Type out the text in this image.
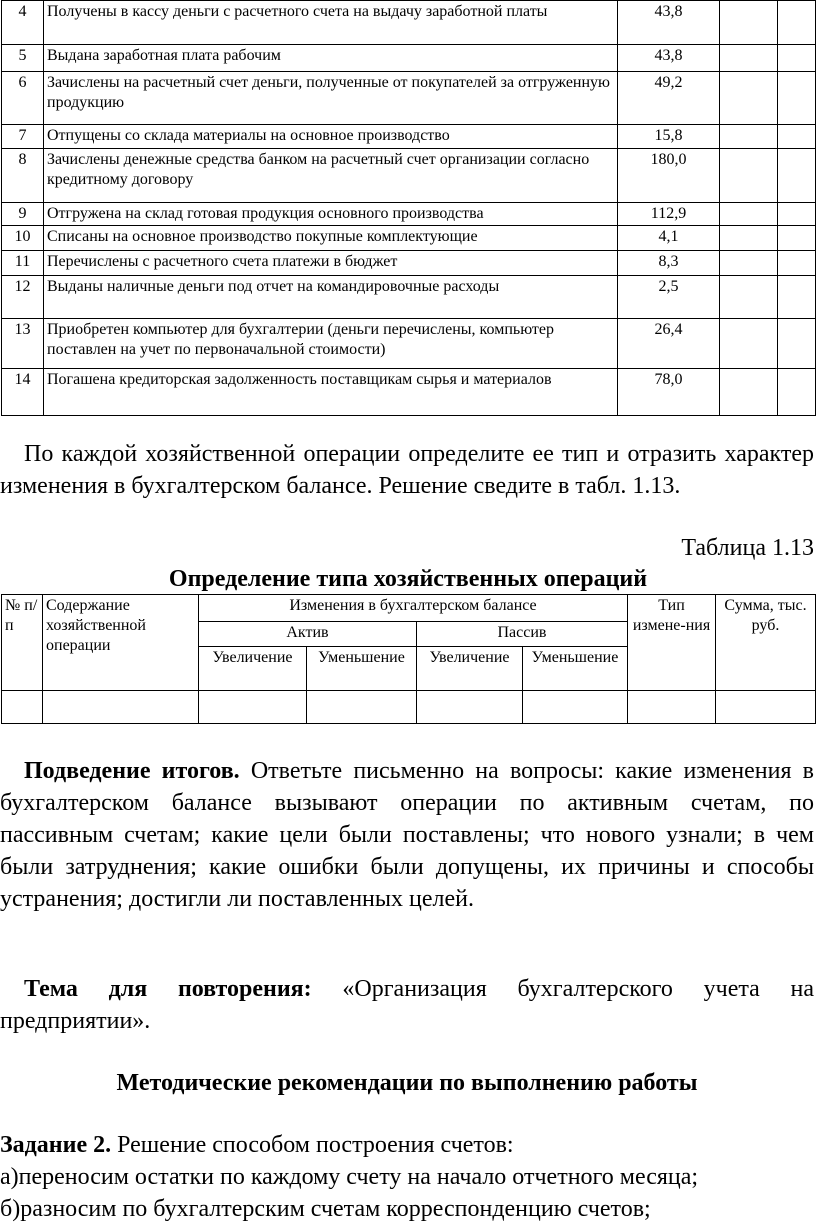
4	Получены в кассу деньги с расчетного счета на выдачу заработной платы	43,8		
5	Выдана заработная плата рабочим	43,8		
6	Зачислены на расчетный счет деньги, полученные от покупателей за отгруженную продукцию	49,2		
7	Отпущены со склада материалы на основное производство	15,8		
8	Зачислены денежные средства банком на расчетный счет организации согласно кредитному договору	180,0		
9	Отгружена на склад готовая продукция основного производства	112,9		
10	Списаны на основное производство покупные комплектующие	4,1		
11	Перечислены с расчетного счета платежи в бюджет	8,3		
12	Выданы наличные деньги под отчет на командировочные расходы	2,5		
13	Приобретен компьютер для бухгалтерии (деньги перечислены, компьютер поставлен на учет по первоначальной стоимости)	26,4		
14	Погашена кредиторская задолженность поставщикам сырья и материалов	78,0		

По каждой хозяйственной операции определите ее тип и отразить характер изменения в бухгалтерском балансе. Решение сведите в табл. 1.13.

Таблица 1.13
Определение типа хозяйственных операций
№ п/п	Содержание хозяйственной операции	Изменения в бухгалтерском балансе				Тип измене-ния	Сумма, тыс. руб.
		Актив		Пассив			
		Увеличение	Уменьшение	Увеличение	Уменьшение		

Подведение итогов. Ответьте письменно на вопросы: какие изменения в бухгалтерском балансе вызывают операции по активным счетам, по пассивным счетам; какие цели были поставлены; что нового узнали; в чем были затруднения; какие ошибки были допущены, их причины и способы устранения; достигли ли поставленных целей.

Тема для повторения: «Организация бухгалтерского учета на предприятии».

Методические рекомендации по выполнению работы

Задание 2. Решение способом построения счетов:

а)переносим остатки по каждому счету на начало отчетного месяца;
б)разносим по бухгалтерским счетам корреспонденцию счетов;
